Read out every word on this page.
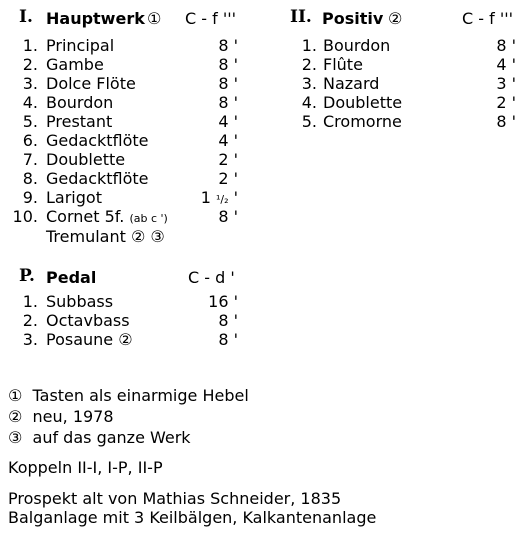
I. Hauptwerk ① C - f '''
1. Principal	8 '
2. Gambe	8 '
3. Dolce Flöte	8 '
4. Bourdon	8 '
5. Prestant	4 '
6. Gedacktflöte	4 '
7. Doublette	2 '
8. Gedacktflöte	2 '
9. Larigot	1 ¹/₂ '
10. Cornet 5f. (ab c ')	8 '
Tremulant ② ③
II. Positiv ②	C - f '''
1. Bourdon	8 '
2. Flûte	4 '
3. Nazard	3 '
4. Doublette	2 '
5. Cromorne	8 '
P. Pedal	C - d '
1. Subbass	16 '
2. Octavbass	8 '
3. Posaune ②	8 '
① Tasten als einarmige Hebel
② neu, 1978
③ auf das ganze Werk
Koppeln II-I, I-P, II-P
Prospekt alt von Mathias Schneider, 1835
Balganlage mit 3 Keilbälgen, Kalkantenanlage
